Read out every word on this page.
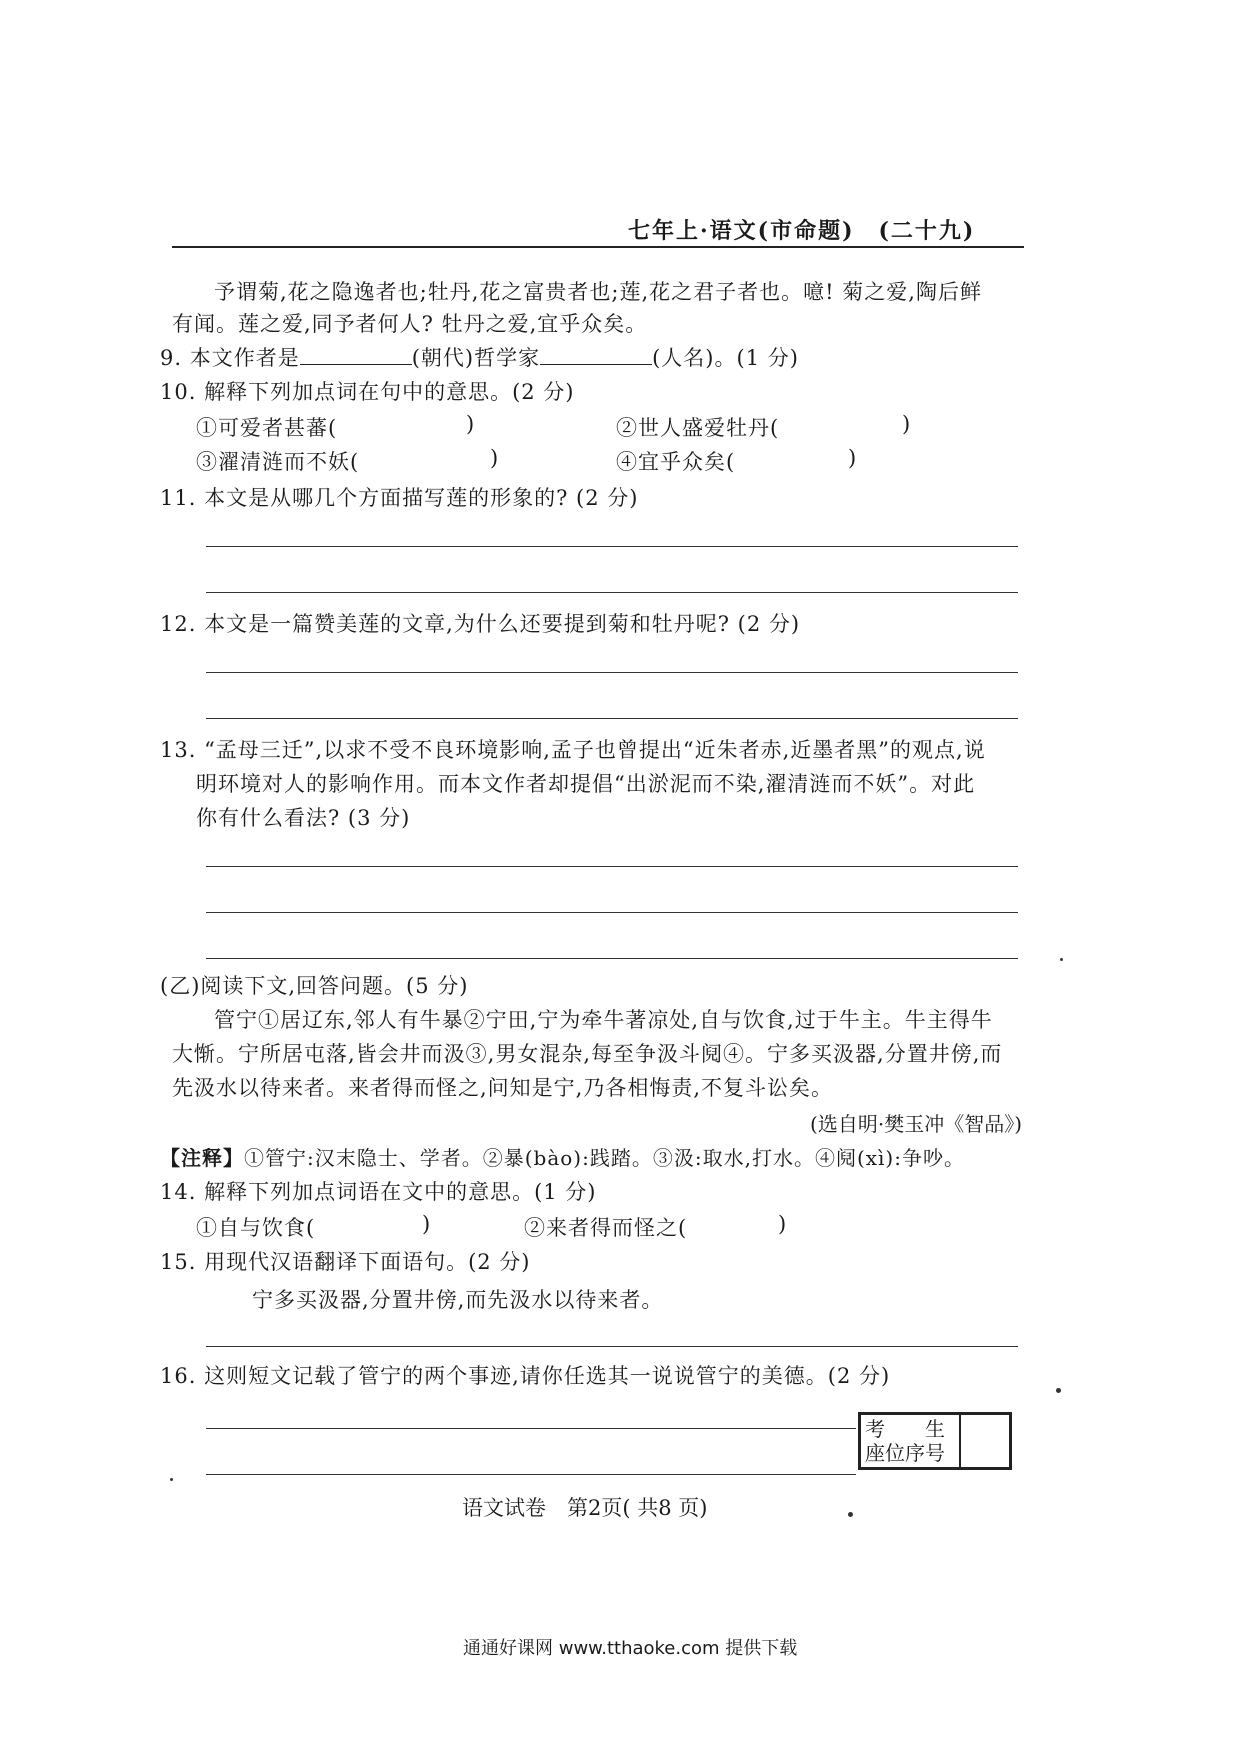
七年上·语文(市命题)　(二十九)
予谓菊,花之隐逸者也;牡丹,花之富贵者也;莲,花之君子者也。噫! 菊之爱,陶后鲜
有闻。莲之爱,同予者何人? 牡丹之爱,宜乎众矣。
9. 本文作者是	(朝代)哲学家	(人名)。(1 分)
10. 解释下列加点词在句中的意思。(2 分)
①可爱者甚蕃(	)	②世人盛爱牡丹(	)
③濯清涟而不妖(	)	④宜乎众矣(	)
11. 本文是从哪几个方面描写莲的形象的? (2 分)
12. 本文是一篇赞美莲的文章,为什么还要提到菊和牡丹呢? (2 分)
13. “孟母三迁”,以求不受不良环境影响,孟子也曾提出“近朱者赤,近墨者黑”的观点,说
明环境对人的影响作用。而本文作者却提倡“出淤泥而不染,濯清涟而不妖”。对此
你有什么看法? (3 分)
(乙)阅读下文,回答问题。(5 分)
管宁①居辽东,邻人有牛暴②宁田,宁为牵牛著凉处,自与饮食,过于牛主。牛主得牛
大惭。宁所居屯落,皆会井而汲③,男女混杂,每至争汲斗阋④。宁多买汲器,分置井傍,而
先汲水以待来者。来者得而怪之,问知是宁,乃各相悔责,不复斗讼矣。
(选自明·樊玉冲《智品》)
【注释】①管宁:汉末隐士、学者。②暴(bào):践踏。③汲:取水,打水。④阋(xì):争吵。
14. 解释下列加点词语在文中的意思。(1 分)
①自与饮食(	)	②来者得而怪之(	)
15. 用现代汉语翻译下面语句。(2 分)
宁多买汲器,分置井傍,而先汲水以待来者。
16. 这则短文记载了管宁的两个事迹,请你任选其一说说管宁的美德。(2 分)
考　　生
座位序号
语文试卷　第2页( 共8 页)
通通好课网 www.tthaoke.com 提供下载
